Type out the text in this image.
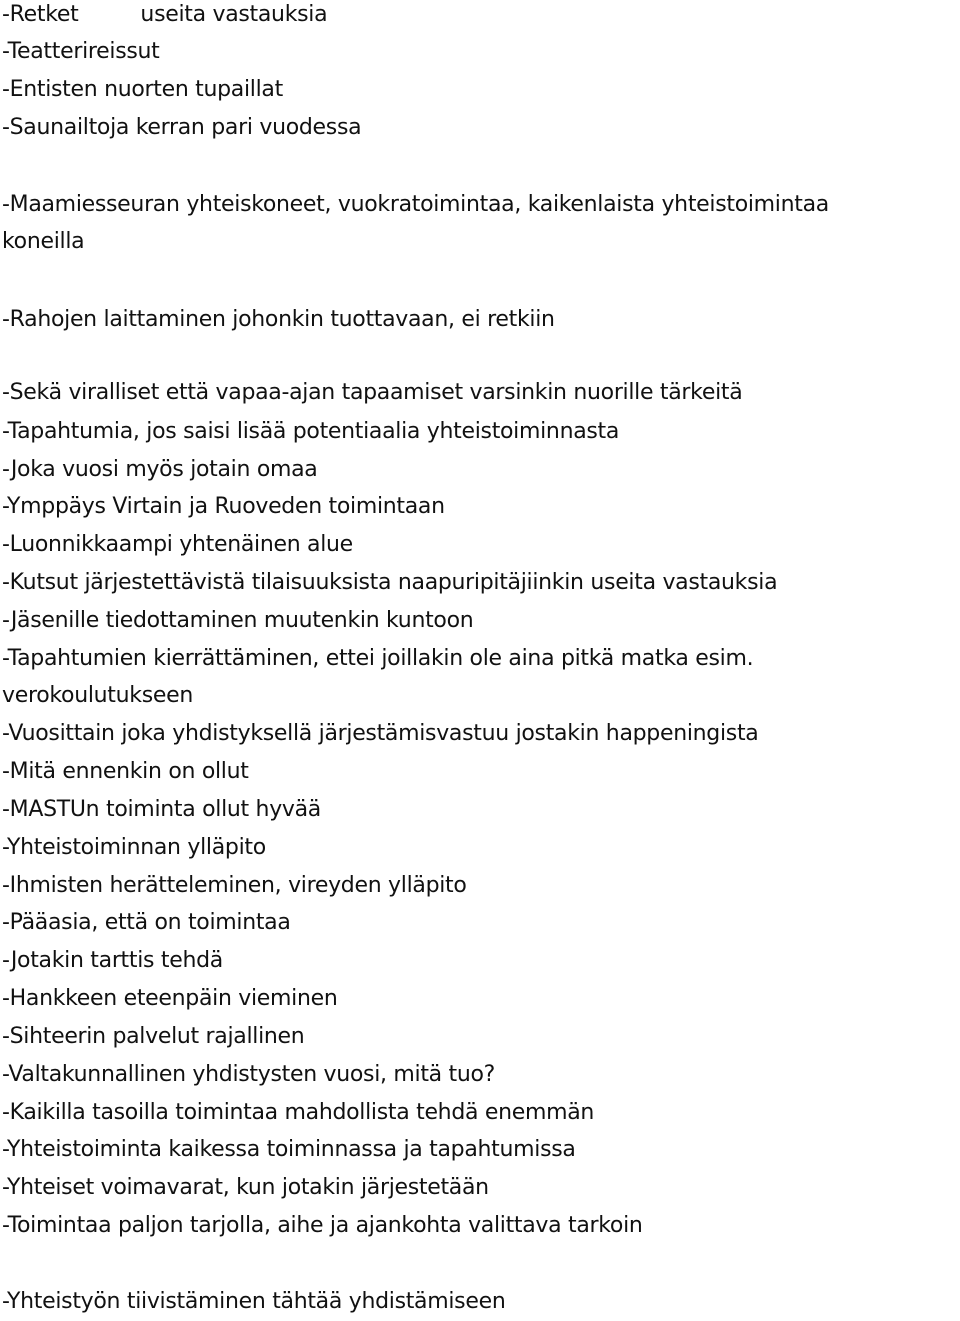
-Retket	useita vastauksia
-Teatterireissut
-Entisten nuorten tupaillat
-Saunailtoja kerran pari vuodessa
-Maamiesseuran yhteiskoneet, vuokratoimintaa, kaikenlaista yhteistoimintaa
koneilla
-Rahojen laittaminen johonkin tuottavaan, ei retkiin
-Sekä viralliset että vapaa-ajan tapaamiset varsinkin nuorille tärkeitä
-Tapahtumia, jos saisi lisää potentiaalia yhteistoiminnasta
-Joka vuosi myös jotain omaa
-Ymppäys Virtain ja Ruoveden toimintaan
-Luonnikkaampi yhtenäinen alue
-Kutsut järjestettävistä tilaisuuksista naapuripitäjiinkin useita vastauksia
-Jäsenille tiedottaminen muutenkin kuntoon
-Tapahtumien kierrättäminen, ettei joillakin ole aina pitkä matka esim.
verokoulutukseen
-Vuosittain joka yhdistyksellä järjestämisvastuu jostakin happeningista
-Mitä ennenkin on ollut
-MASTUn toiminta ollut hyvää
-Yhteistoiminnan ylläpito
-Ihmisten herätteleminen, vireyden ylläpito
-Pääasia, että on toimintaa
-Jotakin tarttis tehdä
-Hankkeen eteenpäin vieminen
-Sihteerin palvelut rajallinen
-Valtakunnallinen yhdistysten vuosi, mitä tuo?
-Kaikilla tasoilla toimintaa mahdollista tehdä enemmän
-Yhteistoiminta kaikessa toiminnassa ja tapahtumissa
-Yhteiset voimavarat, kun jotakin järjestetään
-Toimintaa paljon tarjolla, aihe ja ajankohta valittava tarkoin
-Yhteistyön tiivistäminen tähtää yhdistämiseen
